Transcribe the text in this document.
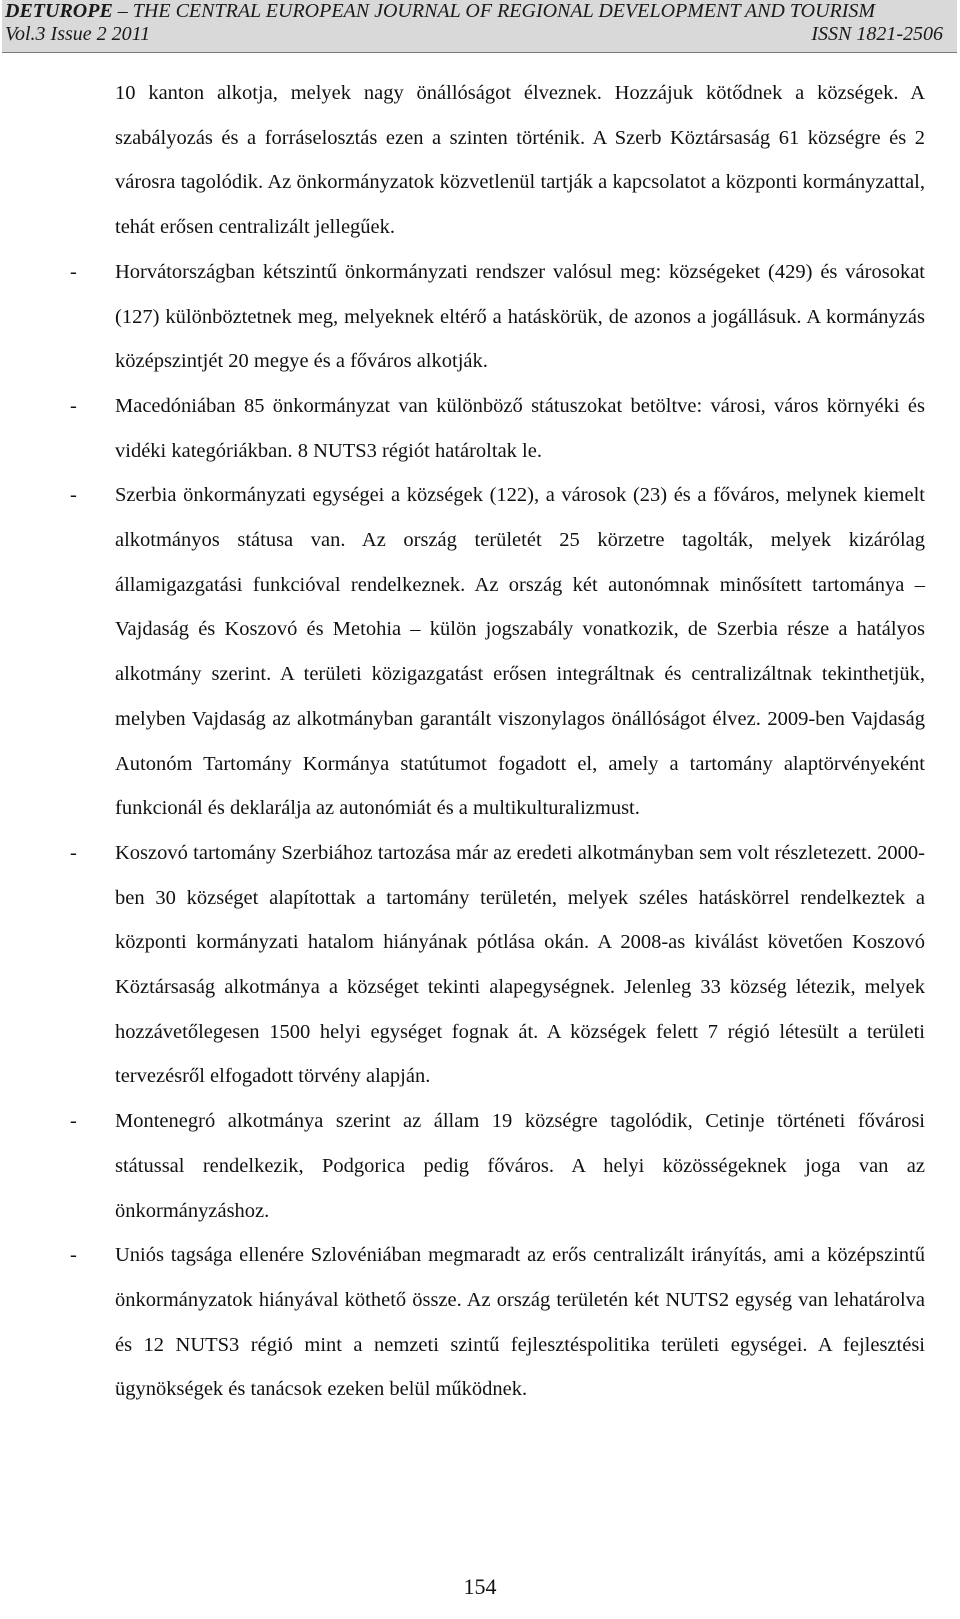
DETUROPE – THE CENTRAL EUROPEAN JOURNAL OF REGIONAL DEVELOPMENT AND TOURISM
Vol.3 Issue 2 2011	ISSN 1821-2506

10 kanton alkotja, melyek nagy önállóságot élveznek. Hozzájuk kötődnek a községek. A szabályozás és a forráselosztás ezen a szinten történik. A Szerb Köztársaság 61 községre és 2 városra tagolódik. Az önkormányzatok közvetlenül tartják a kapcsolatot a központi kormányzattal, tehát erősen centralizált jellegűek.

- Horvátországban kétszintű önkormányzati rendszer valósul meg: községeket (429) és városokat (127) különböztetnek meg, melyeknek eltérő a hatáskörük, de azonos a jogállásuk. A kormányzás középszintjét 20 megye és a főváros alkotják.

- Macedóniában 85 önkormányzat van különböző státuszokat betöltve: városi, város környéki és vidéki kategóriákban. 8 NUTS3 régiót határoltak le.

- Szerbia önkormányzati egységei a községek (122), a városok (23) és a főváros, melynek kiemelt alkotmányos státusa van. Az ország területét 25 körzetre tagolták, melyek kizárólag államigazgatási funkcióval rendelkeznek. Az ország két autonómnak minősített tartománya – Vajdaság és Koszovó és Metohia – külön jogszabály vonatkozik, de Szerbia része a hatályos alkotmány szerint. A területi közigazgatást erősen integráltnak és centralizáltnak tekinthetjük, melyben Vajdaság az alkotmányban garantált viszonylagos önállóságot élvez. 2009-ben Vajdaság Autonóm Tartomány Kormánya statútumot fogadott el, amely a tartomány alaptörvényeként funkcionál és deklarálja az autonómiát és a multikulturalizmust.

- Koszovó tartomány Szerbiához tartozása már az eredeti alkotmányban sem volt részletezett. 2000-ben 30 községet alapítottak a tartomány területén, melyek széles hatáskörrel rendelkeztek a központi kormányzati hatalom hiányának pótlása okán. A 2008-as kiválást követően Koszovó Köztársaság alkotmánya a községet tekinti alapegységnek. Jelenleg 33 község létezik, melyek hozzávetőlegesen 1500 helyi egységet fognak át. A községek felett 7 régió létesült a területi tervezésről elfogadott törvény alapján.

- Montenegró alkotmánya szerint az állam 19 községre tagolódik, Cetinje történeti fővárosi státussal rendelkezik, Podgorica pedig főváros. A helyi közösségeknek joga van az önkormányzáshoz.

- Uniós tagsága ellenére Szlovéniában megmaradt az erős centralizált irányítás, ami a középszintű önkormányzatok hiányával köthető össze. Az ország területén két NUTS2 egység van lehatárolva és 12 NUTS3 régió mint a nemzeti szintű fejlesztéspolitika területi egységei. A fejlesztési ügynökségek és tanácsok ezeken belül működnek.

154
